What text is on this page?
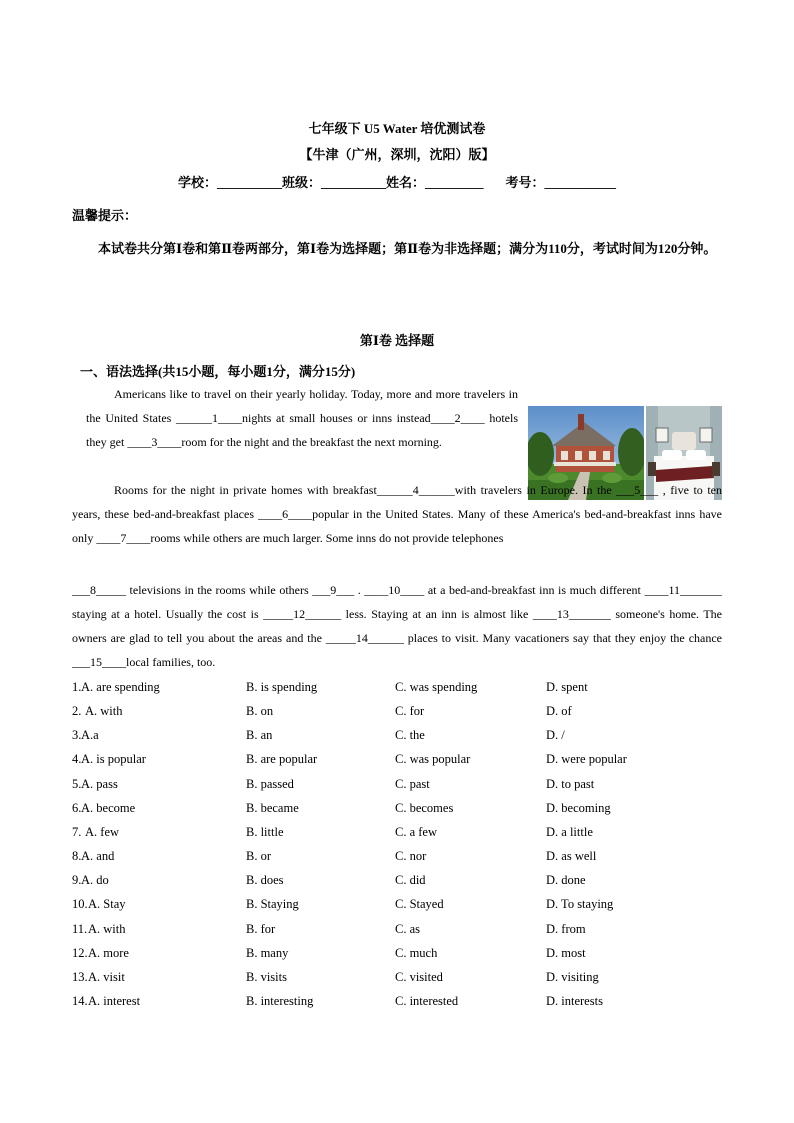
七年级下 U5 Water 培优测试卷
【牛津（广州，深圳，沈阳）版】
学校：__________班级：__________姓名：_________ 考号：___________
温馨提示：
本试卷共分第Ⅰ卷和第Ⅱ卷两部分，第Ⅰ卷为选择题；第Ⅱ卷为非选择题；满分为110分，考试时间为120分钟。
第Ⅰ卷 选择题
一、语法选择(共15小题，每小题1分，满分15分)
Americans like to travel on their yearly holiday. Today, more and more travelers in the United States ______1____nights at small houses or inns instead____2____ hotels they get ____3____room for the night and the breakfast the next morning.
Rooms for the night in private homes with breakfast______4______with travelers in Europe. In the ___5___ , five to ten years, these bed-and-breakfast places ____6____popular in the United States. Many of these America's bed-and-breakfast inns have only ____7____rooms while others are much larger. Some inns do not provide telephones
___8_____ televisions in the rooms while others ___9___ . ____10____ at a bed-and-breakfast inn is much different ____11_______ staying at a hotel. Usually the cost is _____12______ less. Staying at an inn is almost like ____13_______ someone's home. The owners are glad to tell you about the areas and the _____14______ places to visit. Many vacationers say that they enjoy the chance ___15____local families, too.
1. A. are spending	B. is spending	C. was spending	D. spent
2. A. with	B. on	C. for	D. of
3. A.a	B. an	C. the	D. /
4. A. is popular	B. are popular	C. was popular	D. were popular
5. A. pass	B. passed	C. past	D. to past
6. A. become	B. became	C. becomes	D. becoming
7. A. few	B. little	C. a few	D. a little
8. A. and	B. or	C. nor	D. as well
9. A. do	B. does	C. did	D. done
10. A. Stay	B. Staying	C. Stayed	D. To staying
11. A. with	B. for	C. as	D. from
12. A. more	B. many	C. much	D. most
13. A. visit	B. visits	C. visited	D. visiting
14. A. interest	B. interesting	C. interested	D. interests
